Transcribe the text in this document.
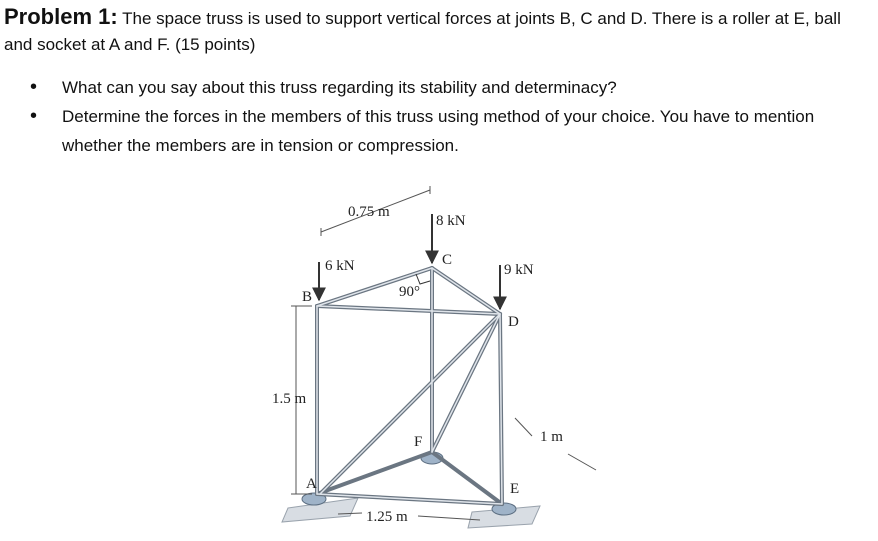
Problem 1: The space truss is used to support vertical forces at joints B, C and D. There is a roller at E, ball and socket at A and F. (15 points)
• What can you say about this truss regarding its stability and determinacy?
• Determine the forces in the members of this truss using method of your choice. You have to mention whether the members are in tension or compression.
0.75 m
1.5 m
1.25 m
1 m
90°
6 kN
8 kN
9 kN
B
C
D
A
F
E
